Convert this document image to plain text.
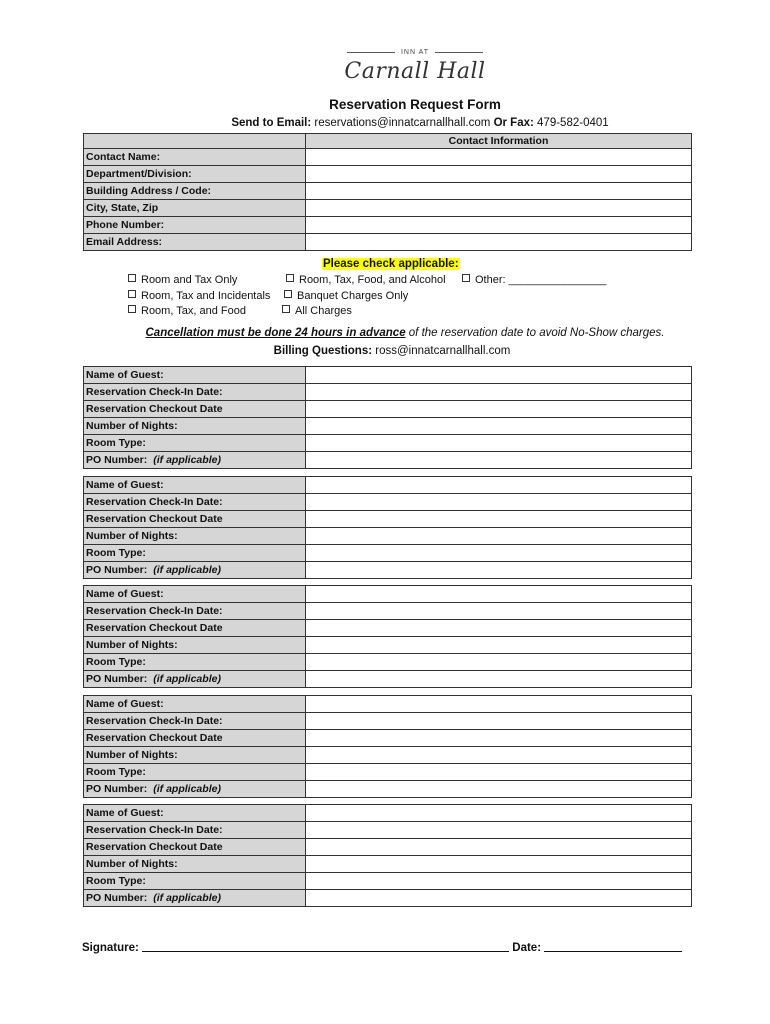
INN AT
Carnall Hall
Reservation Request Form
Send to Email: reservations@innatcarnallhall.com Or Fax: 479-582-0401
	Contact Information
Contact Name:	
Department/Division:	
Building Address / Code:	
City, State, Zip	
Phone Number:	
Email Address:	
Please check applicable:
Room and Tax Only
Room, Tax and Incidentals
Room, Tax, and Food
Room, Tax, Food, and Alcohol
Banquet Charges Only
All Charges
Other: ________________
Cancellation must be done 24 hours in advance of the reservation date to avoid No-Show charges.
Billing Questions: ross@innatcarnallhall.com
Name of Guest:	
Reservation Check-In Date:	
Reservation Checkout Date	
Number of Nights:	
Room Type:	
PO Number: (if applicable)	
Name of Guest:	
Reservation Check-In Date:	
Reservation Checkout Date	
Number of Nights:	
Room Type:	
PO Number: (if applicable)	
Name of Guest:	
Reservation Check-In Date:	
Reservation Checkout Date	
Number of Nights:	
Room Type:	
PO Number: (if applicable)	
Name of Guest:	
Reservation Check-In Date:	
Reservation Checkout Date	
Number of Nights:	
Room Type:	
PO Number: (if applicable)	
Name of Guest:	
Reservation Check-In Date:	
Reservation Checkout Date	
Number of Nights:	
Room Type:	
PO Number: (if applicable)	
Signature:	Date:
